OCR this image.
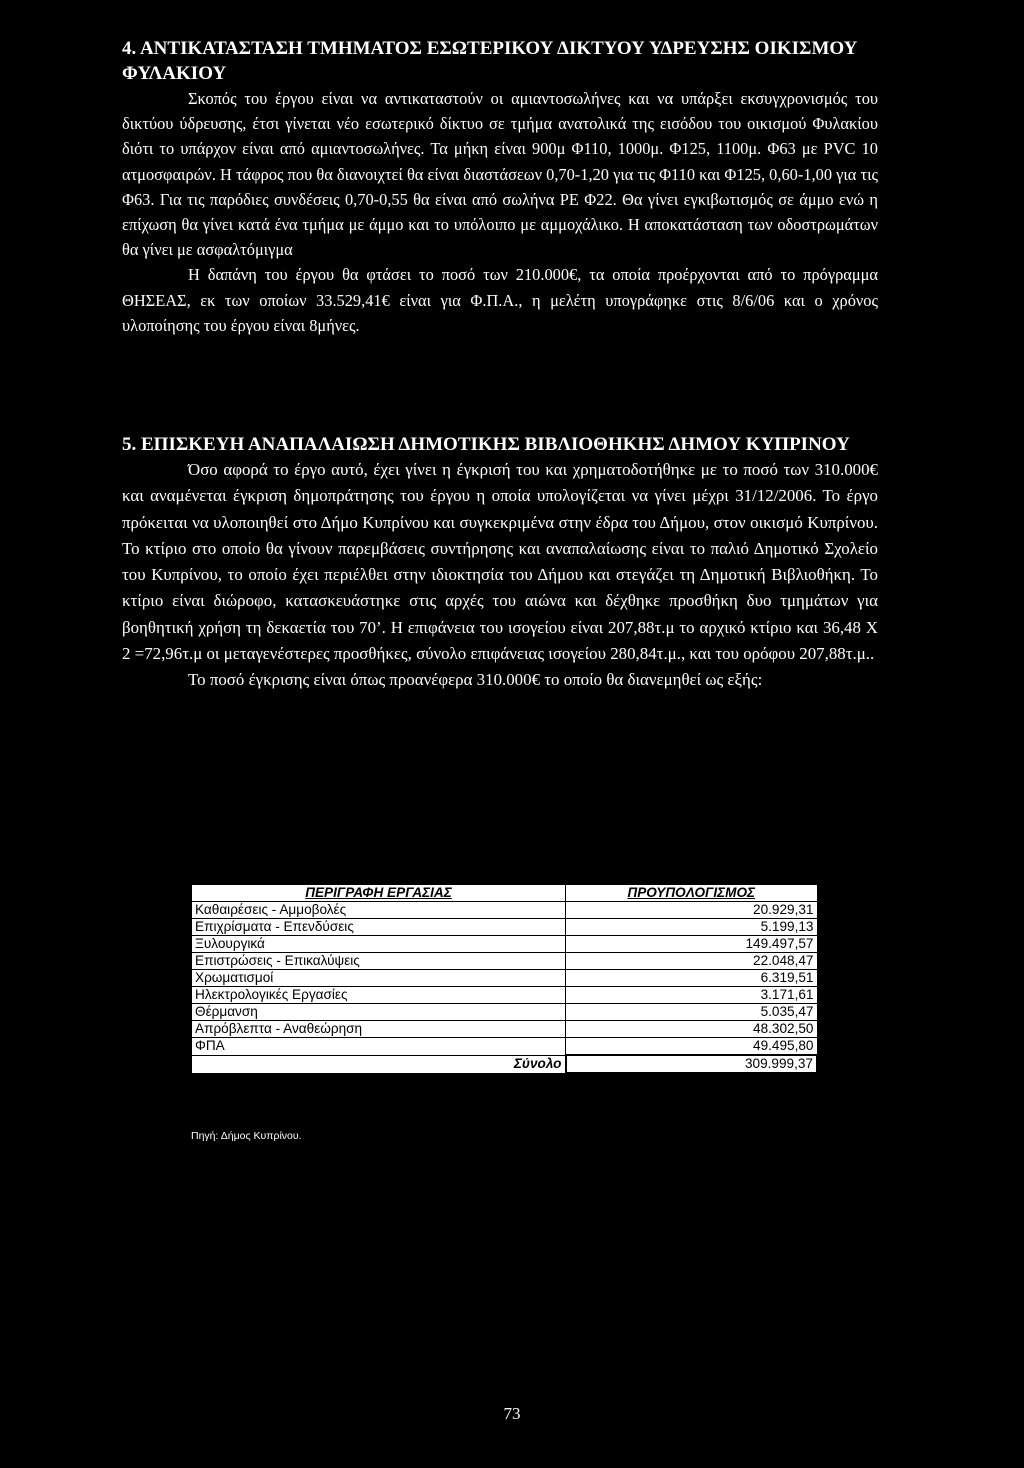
4. ΑΝΤΙΚΑΤΑΣΤΑΣΗ ΤΜΗΜΑΤΟΣ ΕΣΩΤΕΡΙΚΟΥ ΔΙΚΤΥΟΥ ΥΔΡΕΥΣΗΣ ΟΙΚΙΣΜΟΥ ΦΥΛΑΚΙΟΥ

Σκοπός του έργου είναι να αντικαταστούν οι αμιαντοσωλήνες και να υπάρξει εκσυγχρονισμός του δικτύου ύδρευσης, έτσι γίνεται νέο εσωτερικό δίκτυο σε τμήμα ανατολικά της εισόδου του οικισμού Φυλακίου διότι το υπάρχον είναι από αμιαντοσωλήνες. Τα μήκη είναι 900μ Φ110, 1000μ. Φ125, 1100μ. Φ63 με PVC 10 ατμοσφαιρών. Η τάφρος που θα διανοιχτεί θα είναι διαστάσεων 0,70-1,20 για τις Φ110 και Φ125, 0,60-1,00 για τις Φ63. Για τις παρόδιες συνδέσεις 0,70-0,55 θα είναι από σωλήνα PE Φ22. Θα γίνει εγκιβωτισμός σε άμμο ενώ η επίχωση θα γίνει κατά ένα τμήμα με άμμο και το υπόλοιπο με αμμοχάλικο. Η αποκατάσταση των οδοστρωμάτων θα γίνει με ασφαλτόμιγμα

Η δαπάνη του έργου θα φτάσει το ποσό των 210.000€, τα οποία προέρχονται από το πρόγραμμα ΘΗΣΕΑΣ, εκ των οποίων 33.529,41€ είναι για Φ.Π.Α., η μελέτη υπογράφηκε στις 8/6/06 και ο χρόνος υλοποίησης του έργου είναι 8μήνες.

5. ΕΠΙΣΚΕΥΗ ΑΝΑΠΑΛΑΙΩΣΗ ΔΗΜΟΤΙΚΗΣ ΒΙΒΛΙΟΘΗΚΗΣ ΔΗΜΟΥ ΚΥΠΡΙΝΟΥ

Όσο αφορά το έργο αυτό, έχει γίνει η έγκρισή του και χρηματοδοτήθηκε με το ποσό των 310.000€ και αναμένεται έγκριση δημοπράτησης του έργου η οποία υπολογίζεται να γίνει μέχρι 31/12/2006. Το έργο πρόκειται να υλοποιηθεί στο Δήμο Κυπρίνου και συγκεκριμένα στην έδρα του Δήμου, στον οικισμό Κυπρίνου. Το κτίριο στο οποίο θα γίνουν παρεμβάσεις συντήρησης και αναπαλαίωσης είναι το παλιό Δημοτικό Σχολείο του Κυπρίνου, το οποίο έχει περιέλθει στην ιδιοκτησία του Δήμου και στεγάζει τη Δημοτική Βιβλιοθήκη. Το κτίριο είναι διώροφο, κατασκευάστηκε στις αρχές του αιώνα και δέχθηκε προσθήκη δυο τμημάτων για βοηθητική χρήση τη δεκαετία του 70’. Η επιφάνεια του ισογείου είναι 207,88τ.μ το αρχικό κτίριο και 36,48 X 2 =72,96τ.μ οι μεταγενέστερες προσθήκες, σύνολο επιφάνειας ισογείου 280,84τ.μ., και του ορόφου 207,88τ.μ..

Το ποσό έγκρισης είναι όπως προανέφερα 310.000€ το οποίο θα διανεμηθεί ως εξής:

ΠΕΡΙΓΡΑΦΗ ΕΡΓΑΣΙΑΣ	ΠΡΟΥΠΟΛΟΓΙΣΜΟΣ
Καθαιρέσεις - Αμμοβολές	20.929,31
Επιχρίσματα - Επενδύσεις	5.199,13
Ξυλουργικά	149.497,57
Επιστρώσεις - Επικαλύψεις	22.048,47
Χρωματισμοί	6.319,51
Ηλεκτρολογικές Εργασίες	3.171,61
Θέρμανση	5.035,47
Απρόβλεπτα - Αναθεώρηση	48.302,50
ΦΠΑ	49.495,80
Σύνολο	309.999,37
Πηγή: Δήμος Κυπρίνου.
73
